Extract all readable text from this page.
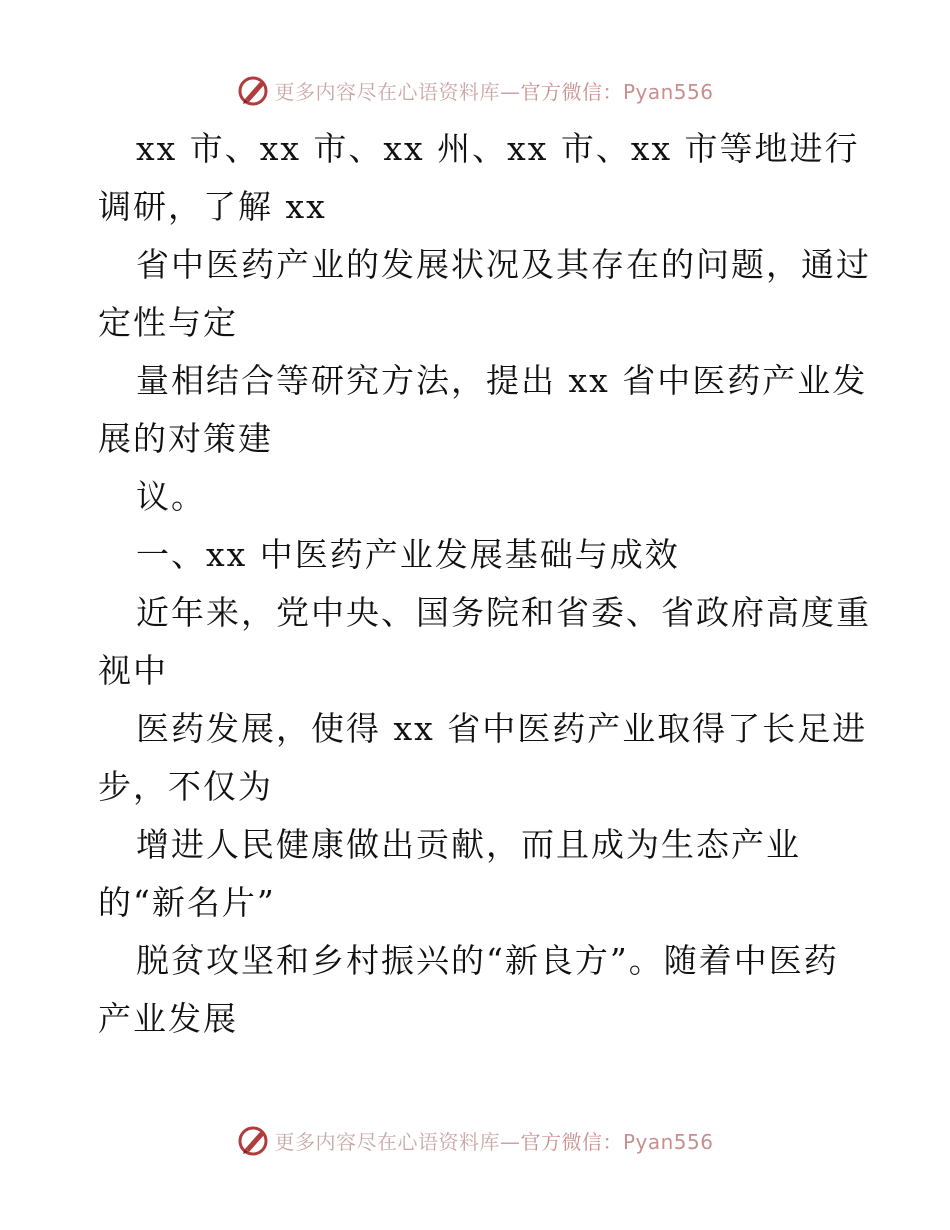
更多内容尽在心语资料库—官方微信：Pyan556
xx 市、xx 市、xx 州、xx 市、xx 市等地进行
调研，了解 xx
省中医药产业的发展状况及其存在的问题，通过
定性与定
量相结合等研究方法，提出 xx 省中医药产业发
展的对策建
议。
一、xx 中医药产业发展基础与成效
近年来，党中央、国务院和省委、省政府高度重
视中
医药发展，使得 xx 省中医药产业取得了长足进
步，不仅为
增进人民健康做出贡献，而且成为生态产业
的“新名片”
脱贫攻坚和乡村振兴的“新良方”。随着中医药
产业发展
更多内容尽在心语资料库—官方微信：Pyan556
